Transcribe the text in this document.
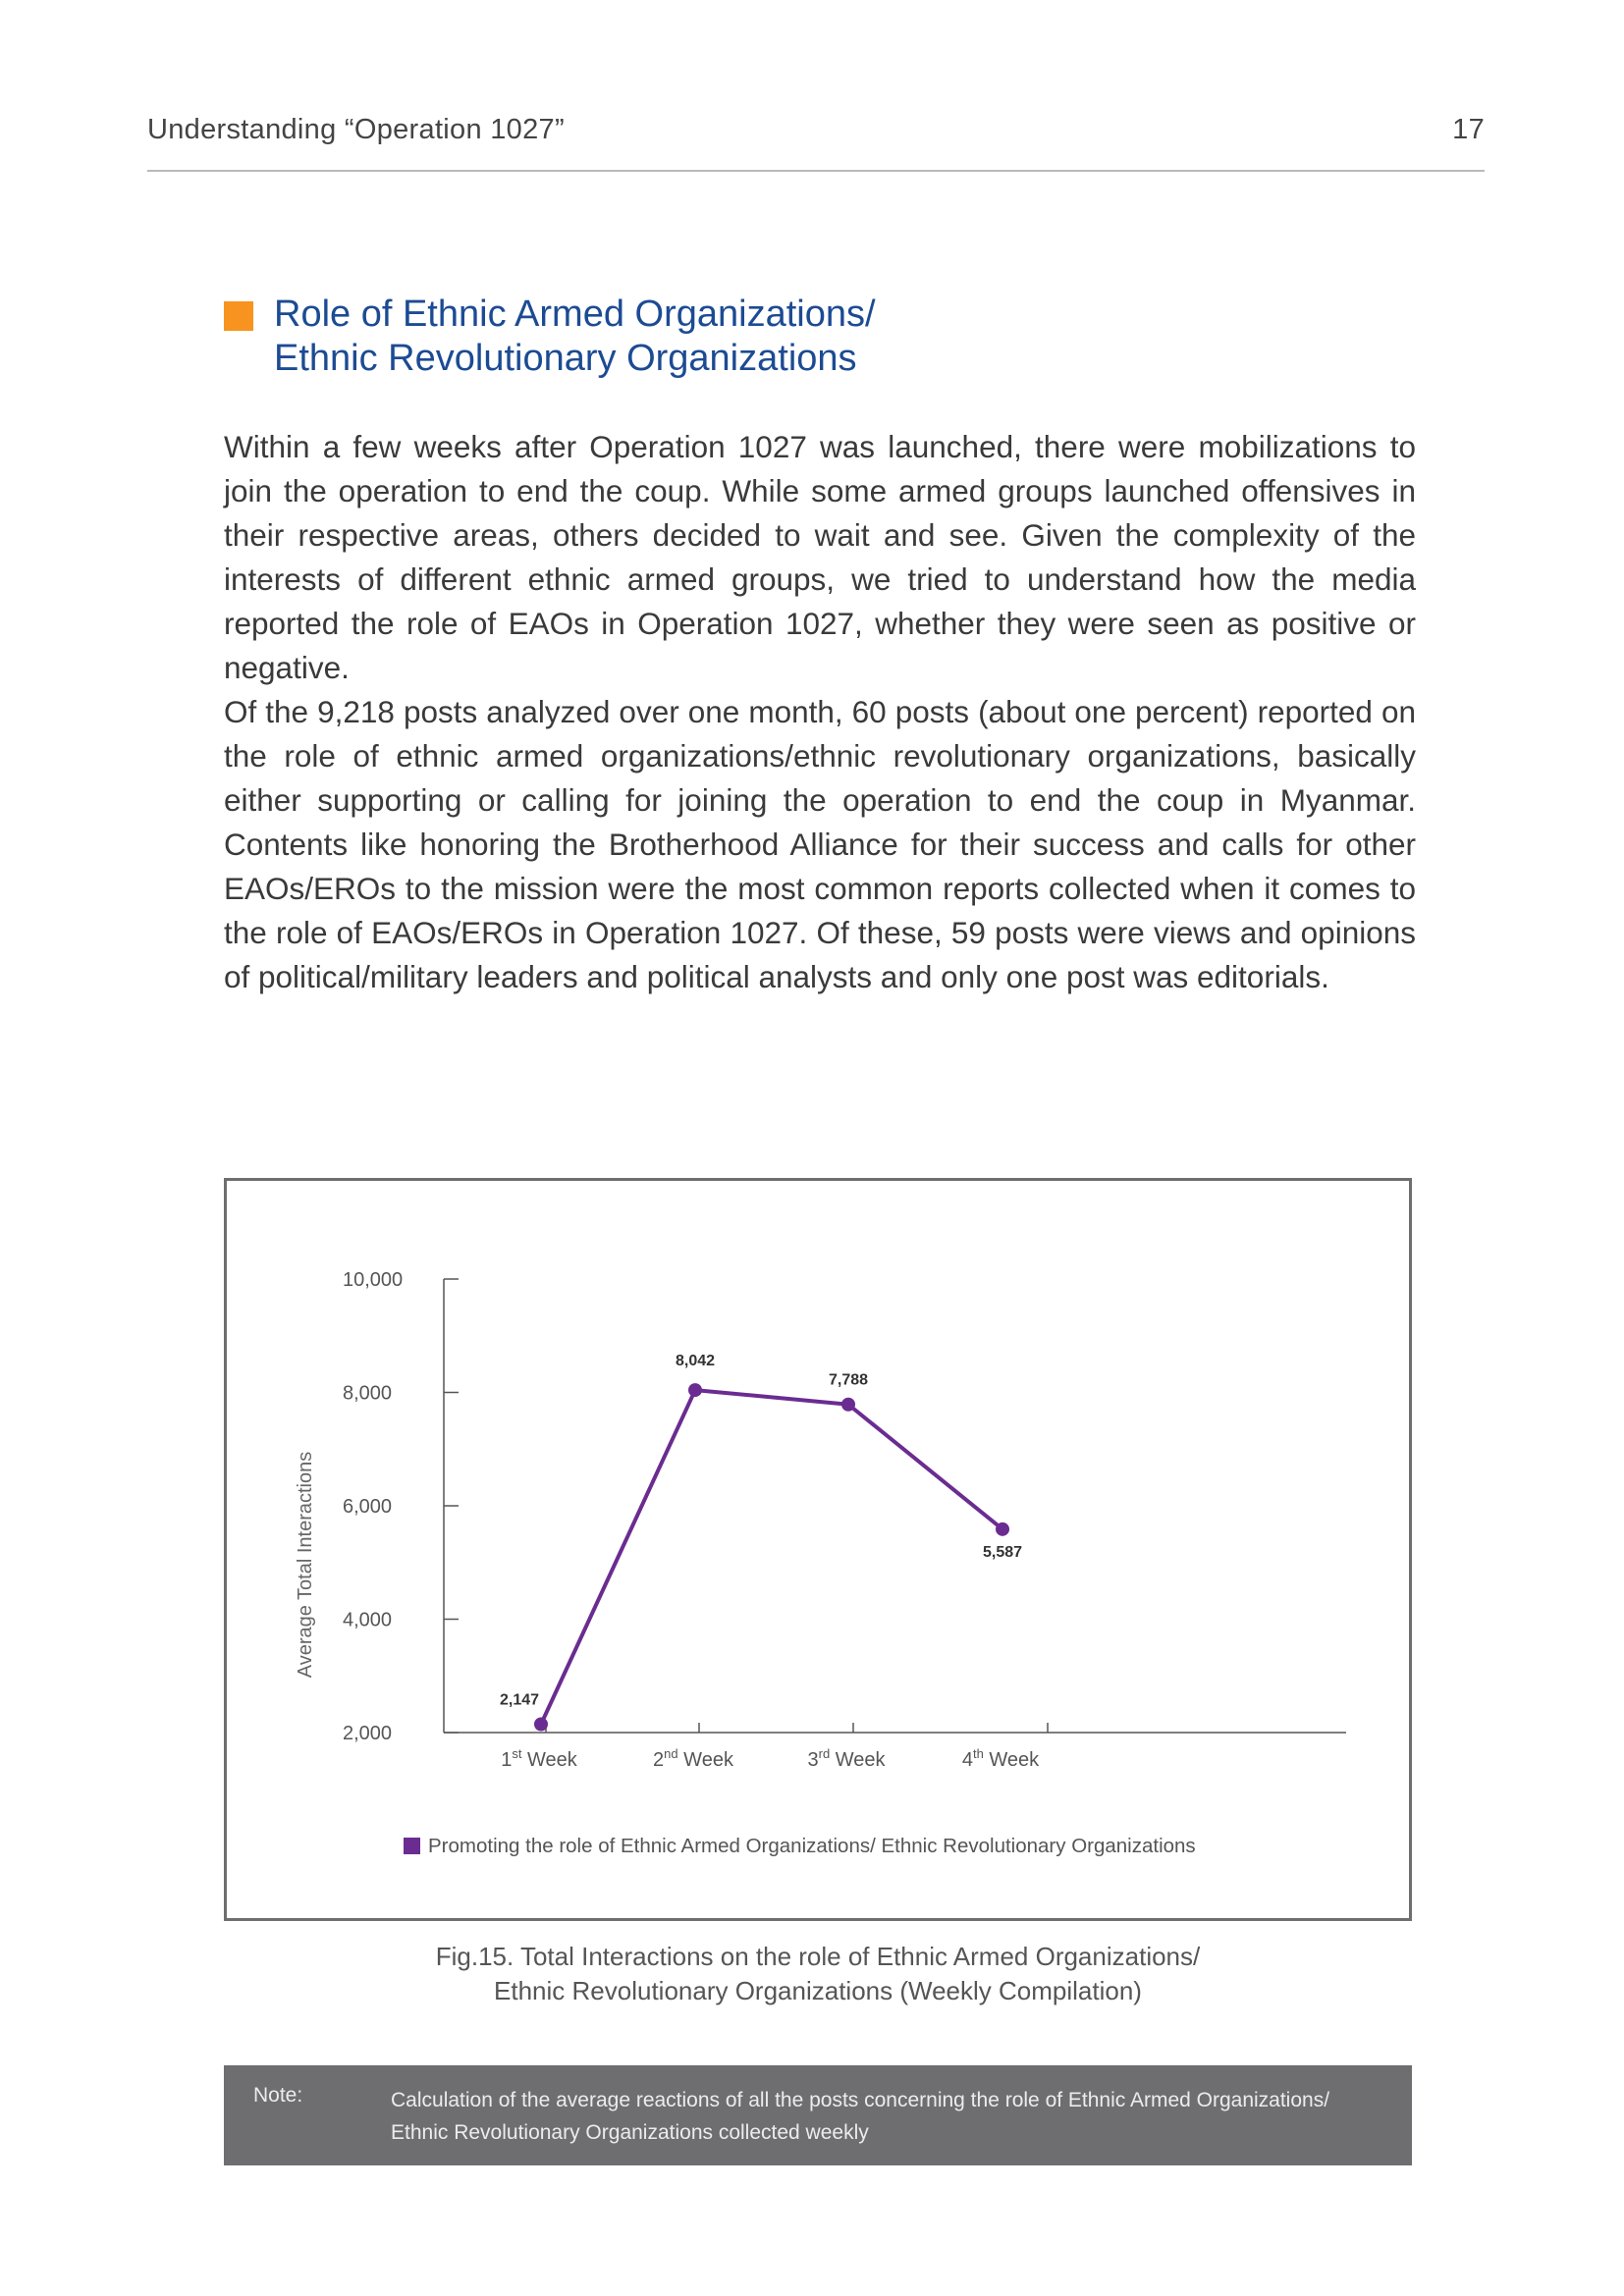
Understanding “Operation 1027”	17
Role of Ethnic Armed Organizations/
Ethnic Revolutionary Organizations

Within a few weeks after Operation 1027 was launched, there were mobilizations to join the operation to end the coup. While some armed groups launched offensives in their respective areas, others decided to wait and see. Given the complexity of the interests of different ethnic armed groups, we tried to understand how the media reported the role of EAOs in Operation 1027, whether they were seen as positive or negative.

Of the 9,218 posts analyzed over one month, 60 posts (about one percent) reported on the role of ethnic armed organizations/ethnic revolutionary organizations, basically either supporting or calling for joining the operation to end the coup in Myanmar. Contents like honoring the Brotherhood Alliance for their success and calls for other EAOs/EROs to the mission were the most common reports collected when it comes to the role of EAOs/EROs in Operation 1027. Of these, 59 posts were views and opinions of political/military leaders and political analysts and only one post was editorials.

Average Total Interactions
2,000
4,000
6,000
8,000
10,000
1st Week	2nd Week	3rd Week	4th Week
2,147
8,042
7,788
5,587
Promoting the role of Ethnic Armed Organizations/ Ethnic Revolutionary Organizations

Fig.15. Total Interactions on the role of Ethnic Armed Organizations/
Ethnic Revolutionary Organizations (Weekly Compilation)

Note:	Calculation of the average reactions of all the posts concerning the role of Ethnic Armed Organizations/ Ethnic Revolutionary Organizations collected weekly
